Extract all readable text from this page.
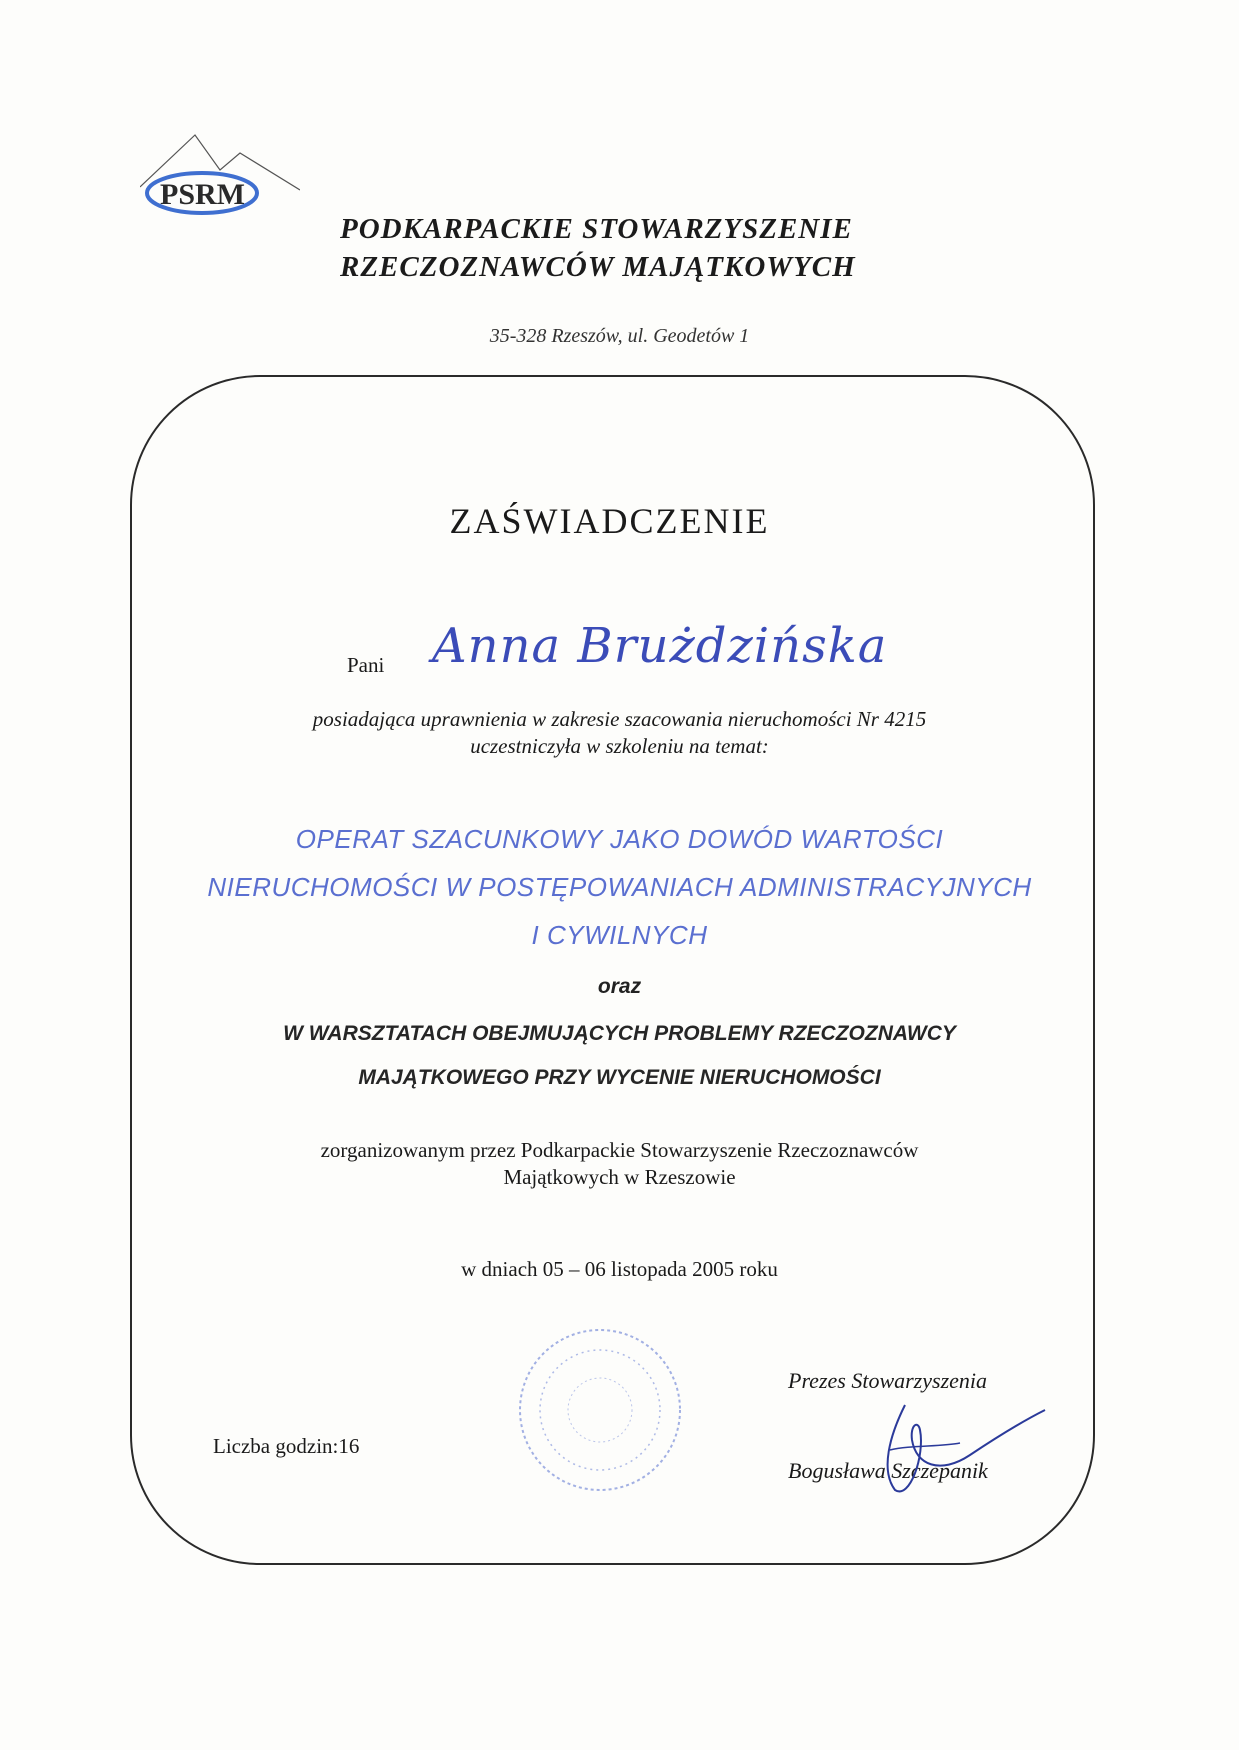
PSRM
PODKARPACKIE STOWARZYSZENIE
RZECZOZNAWCÓW MAJĄTKOWYCH
35-328 Rzeszów, ul. Geodetów 1
ZAŚWIADCZENIE
Pani Anna Brużdzińska
posiadająca uprawnienia w zakresie szacowania nieruchomości Nr 4215
uczestniczyła w szkoleniu na temat:
OPERAT SZACUNKOWY JAKO DOWÓD WARTOŚCI
NIERUCHOMOŚCI W POSTĘPOWANIACH ADMINISTRACYJNYCH
I CYWILNYCH
oraz
W WARSZTATACH OBEJMUJĄCYCH PROBLEMY RZECZOZNAWCY
MAJĄTKOWEGO PRZY WYCENIE NIERUCHOMOŚCI
zorganizowanym przez Podkarpackie Stowarzyszenie Rzeczoznawców
Majątkowych w Rzeszowie
w dniach 05 – 06 listopada 2005 roku
Liczba godzin:16
Prezes Stowarzyszenia
Bogusława Szczepanik
